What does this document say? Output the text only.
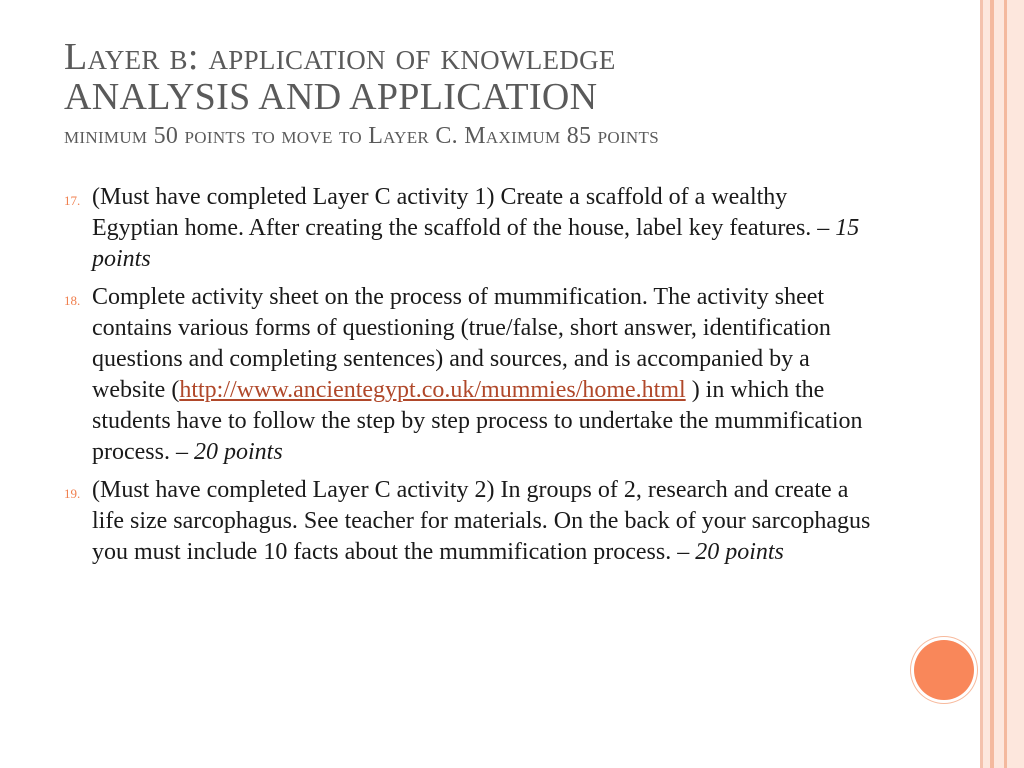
Layer b: application of knowledge
ANALYSIS AND APPLICATION
minimum 50 points to move to Layer C. Maximum 85 points
17. (Must have completed Layer C activity 1) Create a scaffold of a wealthy Egyptian home. After creating the scaffold of the house, label key features. – 15 points
18. Complete activity sheet on the process of mummification. The activity sheet contains various forms of questioning (true/false, short answer, identification questions and completing sentences) and sources, and is accompanied by a website (http://www.ancientegypt.co.uk/mummies/home.html ) in which the students have to follow the step by step process to undertake the mummification process. – 20 points
19. (Must have completed Layer C activity 2) In groups of 2, research and create a life size sarcophagus. See teacher for materials. On the back of your sarcophagus you must include 10 facts about the mummification process. – 20 points
